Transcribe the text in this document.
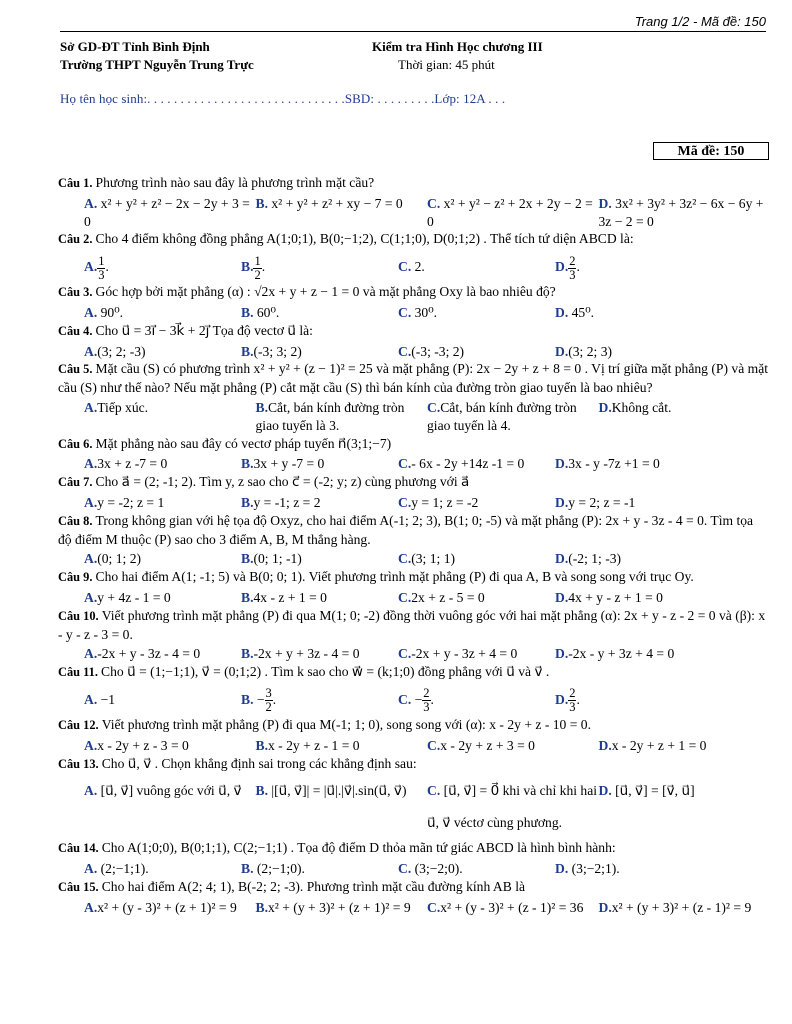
Trang 1/2 - Mã đề: 150
Sở GD-ĐT Tỉnh Bình Định
Trường THPT Nguyễn Trung Trực
Kiểm tra Hình Học chương III
Thời gian: 45 phút
Họ tên học sinh:. . . . . . . . . . . . . . . . . . . . . . . . . . . . . .SBD: . . . . . . . . .Lớp: 12A . . .
Mã đề: 150
Câu 1. Phương trình nào sau đây là phương trình mặt cầu?
A. x² + y² + z² − 2x − 2y + 3 = 0
B. x² + y² + z² + xy − 7 = 0	C. x² + y² − z² + 2x + 2y − 2 = 0
D. 3x² + 3y² + 3z² − 6x − 6y + 3z − 2 = 0
Câu 2. Cho 4 điểm không đồng phẳng A(1;0;1), B(0;−1;2), C(1;1;0), D(0;1;2) . Thể tích tứ diện ABCD là:
A. $\frac{1}{3}$ .	B. $\frac{1}{2}$ .	C. 2.	D. $\frac{2}{3}$ .
Câu 3. Góc hợp bởi mặt phẳng (α) : √2x + y + z − 1 = 0 và mặt phẳng Oxy là bao nhiêu độ?
A. 90⁰.	B. 60⁰.	C. 30⁰.	D. 45⁰.
Câu 4. Cho u⃗ = 3i⃗ − 3k⃗ + 2j⃗ Tọa độ vectơ u⃗ là:
A.(3; 2; -3)	B.(-3; 3; 2)	C.(-3; -3; 2)	D.(3; 2; 3)
Câu 5. Mặt cầu (S) có phương trình x² + y² + (z − 1)² = 25 và mặt phẳng (P): 2x − 2y + z + 8 = 0 . Vị trí giữa mặt phẳng (P) và mặt cầu (S) như thế nào? Nếu mặt phẳng (P) cắt mặt cầu (S) thì bán kính của đường tròn giao tuyến là bao nhiêu?
A.Tiếp xúc.	B.Cắt, bán kính đường tròn giao tuyến là 3.
C.Cắt, bán kính đường tròn giao tuyến là 4.
D.Không cắt.
Câu 6. Mặt phẳng nào sau đây có vectơ pháp tuyến n⃗(3;1;−7)
A.3x + z -7 = 0	B.3x + y -7 = 0	C.- 6x - 2y +14z -1 = 0	D.3x - y -7z +1 = 0
Câu 7. Cho a⃗ = (2; -1; 2). Tìm y, z sao cho c⃗ = (-2; y; z) cùng phương với a⃗
A.y = -2; z = 1	B.y = -1; z = 2	C.y = 1; z = -2	D.y = 2; z = -1
Câu 8. Trong không gian với hệ tọa độ Oxyz, cho hai điểm A(-1; 2; 3), B(1; 0; -5) và mặt phẳng (P): 2x + y - 3z - 4 = 0. Tìm tọa độ điểm M thuộc (P) sao cho 3 điểm A, B, M thẳng hàng.
A.(0; 1; 2)	B.(0; 1; -1)	C.(3; 1; 1)	D.(-2; 1; -3)
Câu 9. Cho hai điểm A(1; -1; 5) và B(0; 0; 1). Viết phương trình mặt phẳng (P) đi qua A, B và song song với trục Oy.
A.y + 4z - 1 = 0	B.4x - z + 1 = 0	C.2x + z - 5 = 0	D.4x + y - z + 1 = 0
Câu 10. Viết phương trình mặt phẳng (P) đi qua M(1; 0; -2) đồng thời vuông góc với hai mặt phẳng (α): 2x + y - z - 2 = 0 và (β): x - y - z - 3 = 0.
A.-2x + y - 3z - 4 = 0	B.-2x + y + 3z - 4 = 0	C.-2x + y - 3z + 4 = 0	D.-2x - y + 3z + 4 = 0
Câu 11. Cho u⃗ = (1;−1;1), v⃗ = (0;1;2) . Tìm k sao cho w⃗ = (k;1;0) đồng phẳng với u⃗ và v⃗ .
A. −1	B. − $\frac{3}{2}$ .	C. − $\frac{2}{3}$ .	D. $\frac{2}{3}$ .
Câu 12. Viết phương trình mặt phẳng (P) đi qua M(-1; 1; 0), song song với (α): x - 2y + z - 10 = 0.
A.x - 2y + z - 3 = 0	B.x - 2y + z - 1 = 0	C.x - 2y + z + 3 = 0	D.x - 2y + z + 1 = 0
Câu 13. Cho u⃗, v⃗ . Chọn khẳng định sai trong các khẳng định sau:
A. [u⃗, v⃗] vuông góc với u⃗, v⃗	B. |[u⃗, v⃗]| = |u⃗|.|v⃗|.sin(u⃗, v⃗)	C. [u⃗, v⃗] = 0⃗ khi và chỉ khi hai u⃗, v⃗ véctơ cùng phương.
D. [u⃗, v⃗] = [v⃗, u⃗]
Câu 14. Cho A(1;0;0), B(0;1;1), C(2;−1;1) . Tọa độ điểm D thỏa mãn tứ giác ABCD là hình bình hành:
A. (2;−1;1).	B. (2;−1;0).	C. (3;−2;0).	D. (3;−2;1).
Câu 15. Cho hai điểm A(2; 4; 1), B(-2; 2; -3). Phương trình mặt cầu đường kính AB là
A.x² + (y - 3)² + (z + 1)² = 9	B.x² + (y + 3)² + (z + 1)² = 9	C.x² + (y - 3)² + (z - 1)² = 36	D.x² + (y + 3)² + (z - 1)² = 9
